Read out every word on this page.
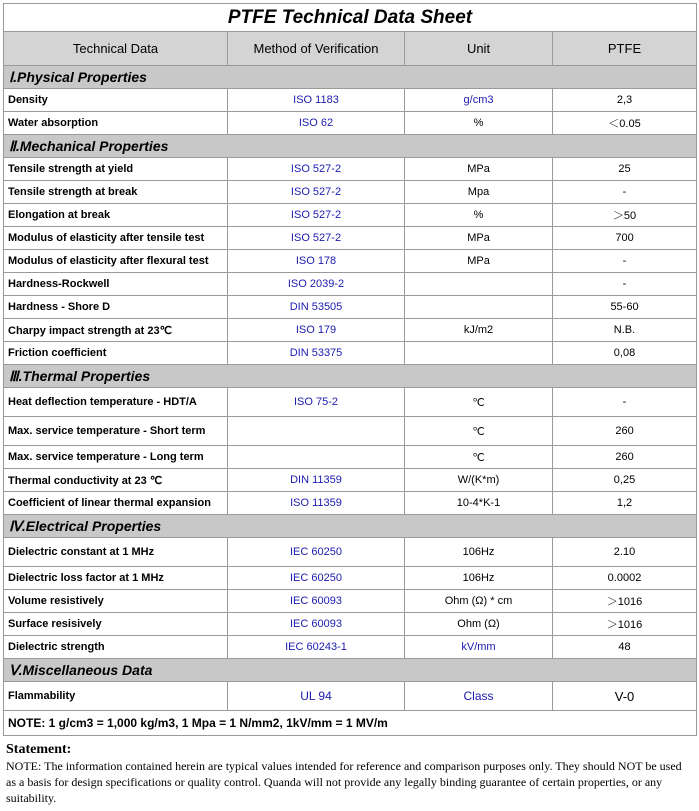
PTFE Technical Data Sheet			
Technical Data	Method of Verification	Unit	PTFE
Ⅰ.Physical Properties			
Density	ISO 1183	g/cm3	2,3
Water absorption	ISO 62	%	＜0.05
Ⅱ.Mechanical Properties			
Tensile strength at yield	ISO 527-2	MPa	25
Tensile strength at break	ISO 527-2	Mpa	-
Elongation at break	ISO 527-2	%	＞50
Modulus of elasticity after tensile test	ISO 527-2	MPa	700
Modulus of elasticity after flexural test	ISO 178	MPa	-
Hardness-Rockwell	ISO 2039-2		-
Hardness - Shore D	DIN 53505		55-60
Charpy impact strength at 23℃	ISO 179	kJ/m2	N.B.
Friction coefficient	DIN 53375		0,08
Ⅲ.Thermal Properties			
Heat deflection temperature - HDT/A	ISO 75-2	℃	-
Max. service temperature - Short term		℃	260
Max. service temperature - Long term		℃	260
Thermal conductivity at 23 ℃	DIN 11359	W/(K*m)	0,25
Coefficient of linear thermal expansion	ISO 11359	10-4*K-1	1,2
Ⅳ.Electrical Properties			
Dielectric constant at 1 MHz	IEC 60250	106Hz	2.10
Dielectric loss factor at 1 MHz	IEC 60250	106Hz	0.0002
Volume resistively	IEC 60093	Ohm (Ω) * cm	＞1016
Surface resisively	IEC 60093	Ohm (Ω)	＞1016
Dielectric strength	IEC 60243-1	kV/mm	48
Ⅴ.Miscellaneous Data			
Flammability	UL 94	Class	V-0
NOTE: 1 g/cm3 = 1,000 kg/m3, 1 Mpa = 1 N/mm2, 1kV/mm = 1 MV/m			
Statement:
NOTE: The information contained herein are typical values intended for reference and comparison purposes only. They should NOT be used as a basis for design specifications or quality control. Quanda will not provide any legally binding guarantee of certain properties, or any suitability.
